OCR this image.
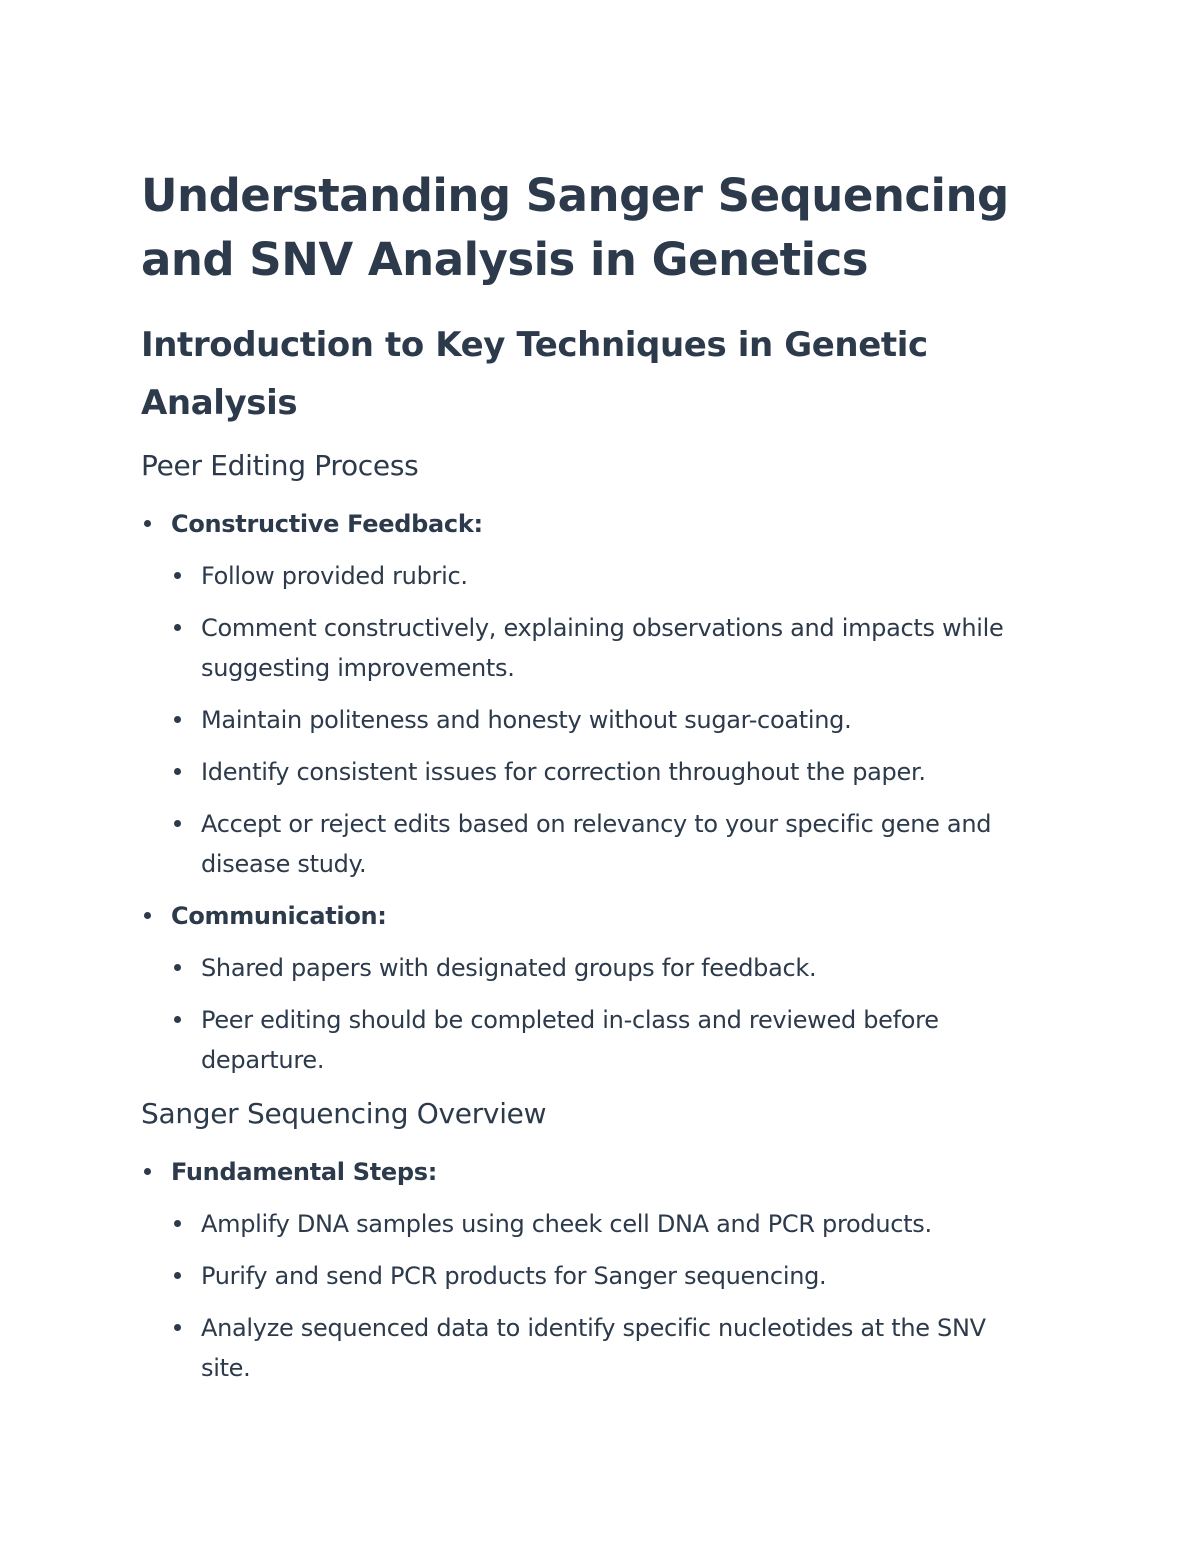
Understanding Sanger Sequencing and SNV Analysis in Genetics
Introduction to Key Techniques in Genetic Analysis
Peer Editing Process
Constructive Feedback:
Follow provided rubric.
Comment constructively, explaining observations and impacts while suggesting improvements.
Maintain politeness and honesty without sugar-coating.
Identify consistent issues for correction throughout the paper.
Accept or reject edits based on relevancy to your specific gene and disease study.
Communication:
Shared papers with designated groups for feedback.
Peer editing should be completed in-class and reviewed before departure.
Sanger Sequencing Overview
Fundamental Steps:
Amplify DNA samples using cheek cell DNA and PCR products.
Purify and send PCR products for Sanger sequencing.
Analyze sequenced data to identify specific nucleotides at the SNV site.
